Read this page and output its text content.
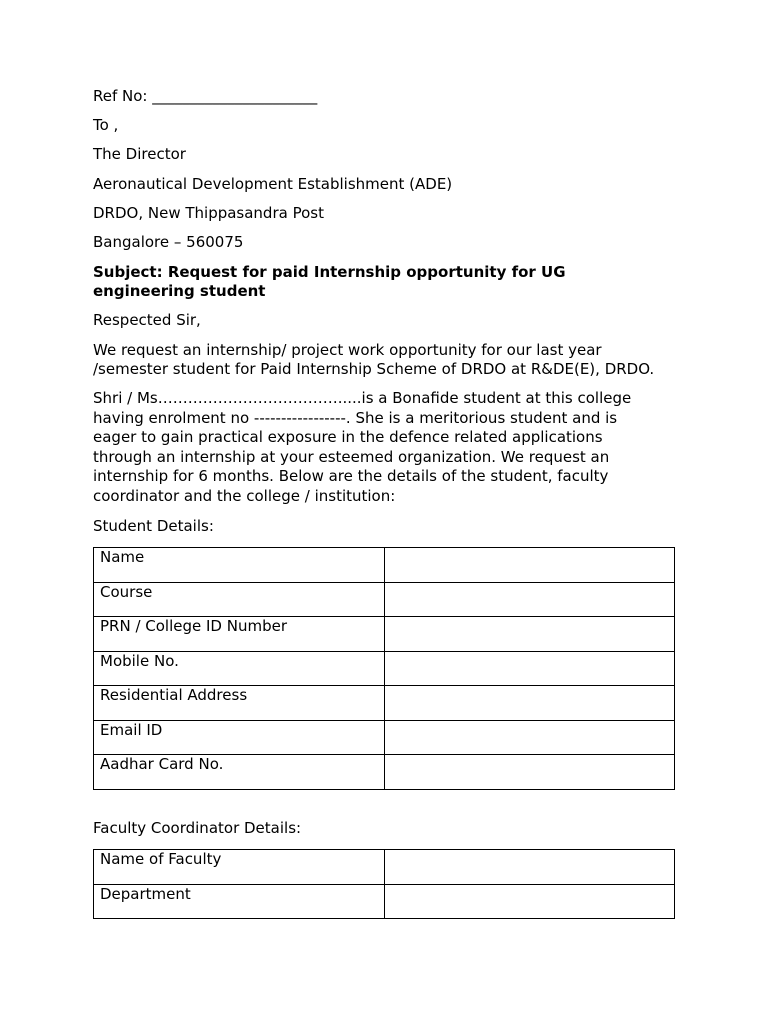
Ref No: ______________________
To ,
The Director
Aeronautical Development Establishment (ADE)
DRDO, New Thippasandra Post
Bangalore – 560075
Subject: Request for paid Internship opportunity for UG
engineering student
Respected Sir,
We request an internship/ project work opportunity for our last year
/semester student for Paid Internship Scheme of DRDO at R&DE(E), DRDO.
Shri / Ms……………………………….....is a Bonafide student at this college
having enrolment no -----------------. She is a meritorious student and is
eager to gain practical exposure in the defence related applications
through an internship at your esteemed organization. We request an
internship for 6 months. Below are the details of the student, faculty
coordinator and the college / institution:
Student Details:
Name	
Course	
PRN / College ID Number	
Mobile No.	
Residential Address	
Email ID	
Aadhar Card No.	
Faculty Coordinator Details:
Name of Faculty	
Department	
